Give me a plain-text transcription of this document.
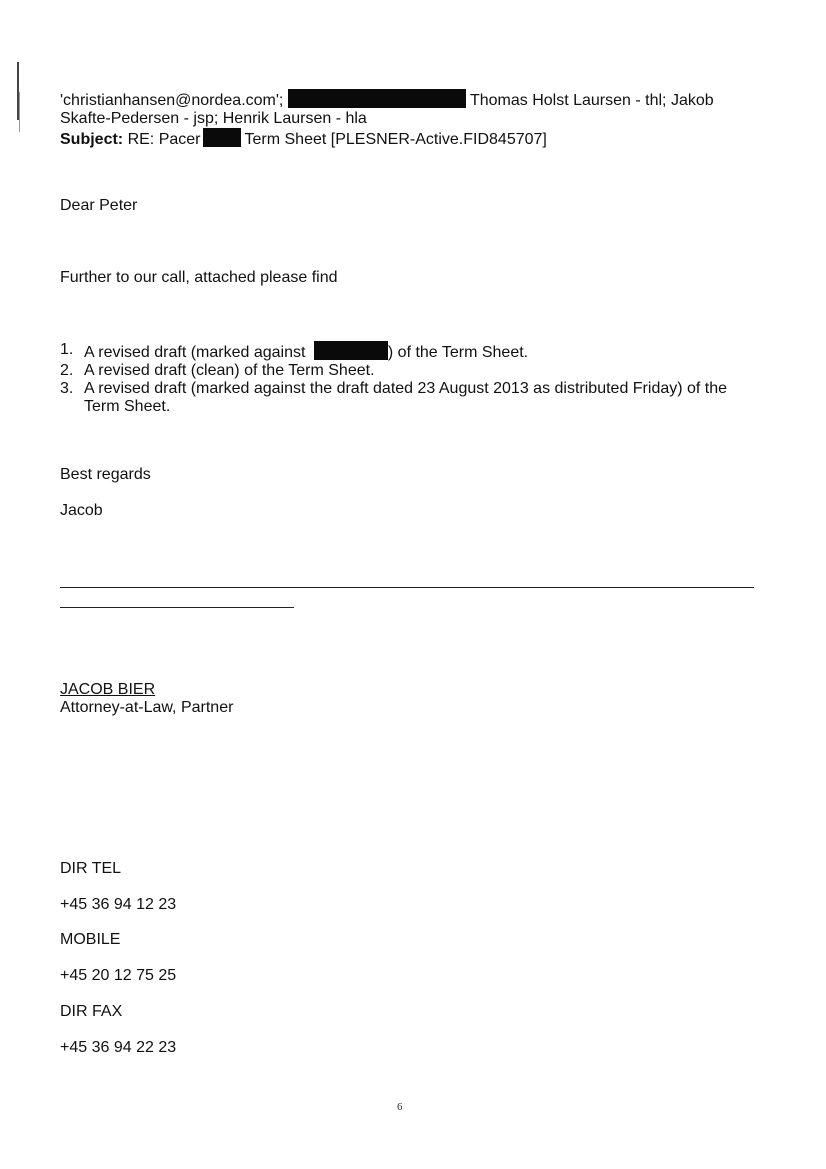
'christianhansen@nordea.com';	Thomas Holst Laursen - thl; Jakob
Skafte-Pedersen - jsp; Henrik Laursen - hla
Subject: RE: Pacer	Term Sheet [PLESNER-Active.FID845707]
Dear Peter
Further to our call, attached please find
1. A revised draft (marked against	) of the Term Sheet.
2. A revised draft (clean) of the Term Sheet.
3. A revised draft (marked against the draft dated 23 August 2013 as distributed Friday) of the
Term Sheet.
Best regards
Jacob
JACOB BIER
Attorney-at-Law, Partner
DIR TEL
+45 36 94 12 23
MOBILE
+45 20 12 75 25
DIR FAX
+45 36 94 22 23
6
